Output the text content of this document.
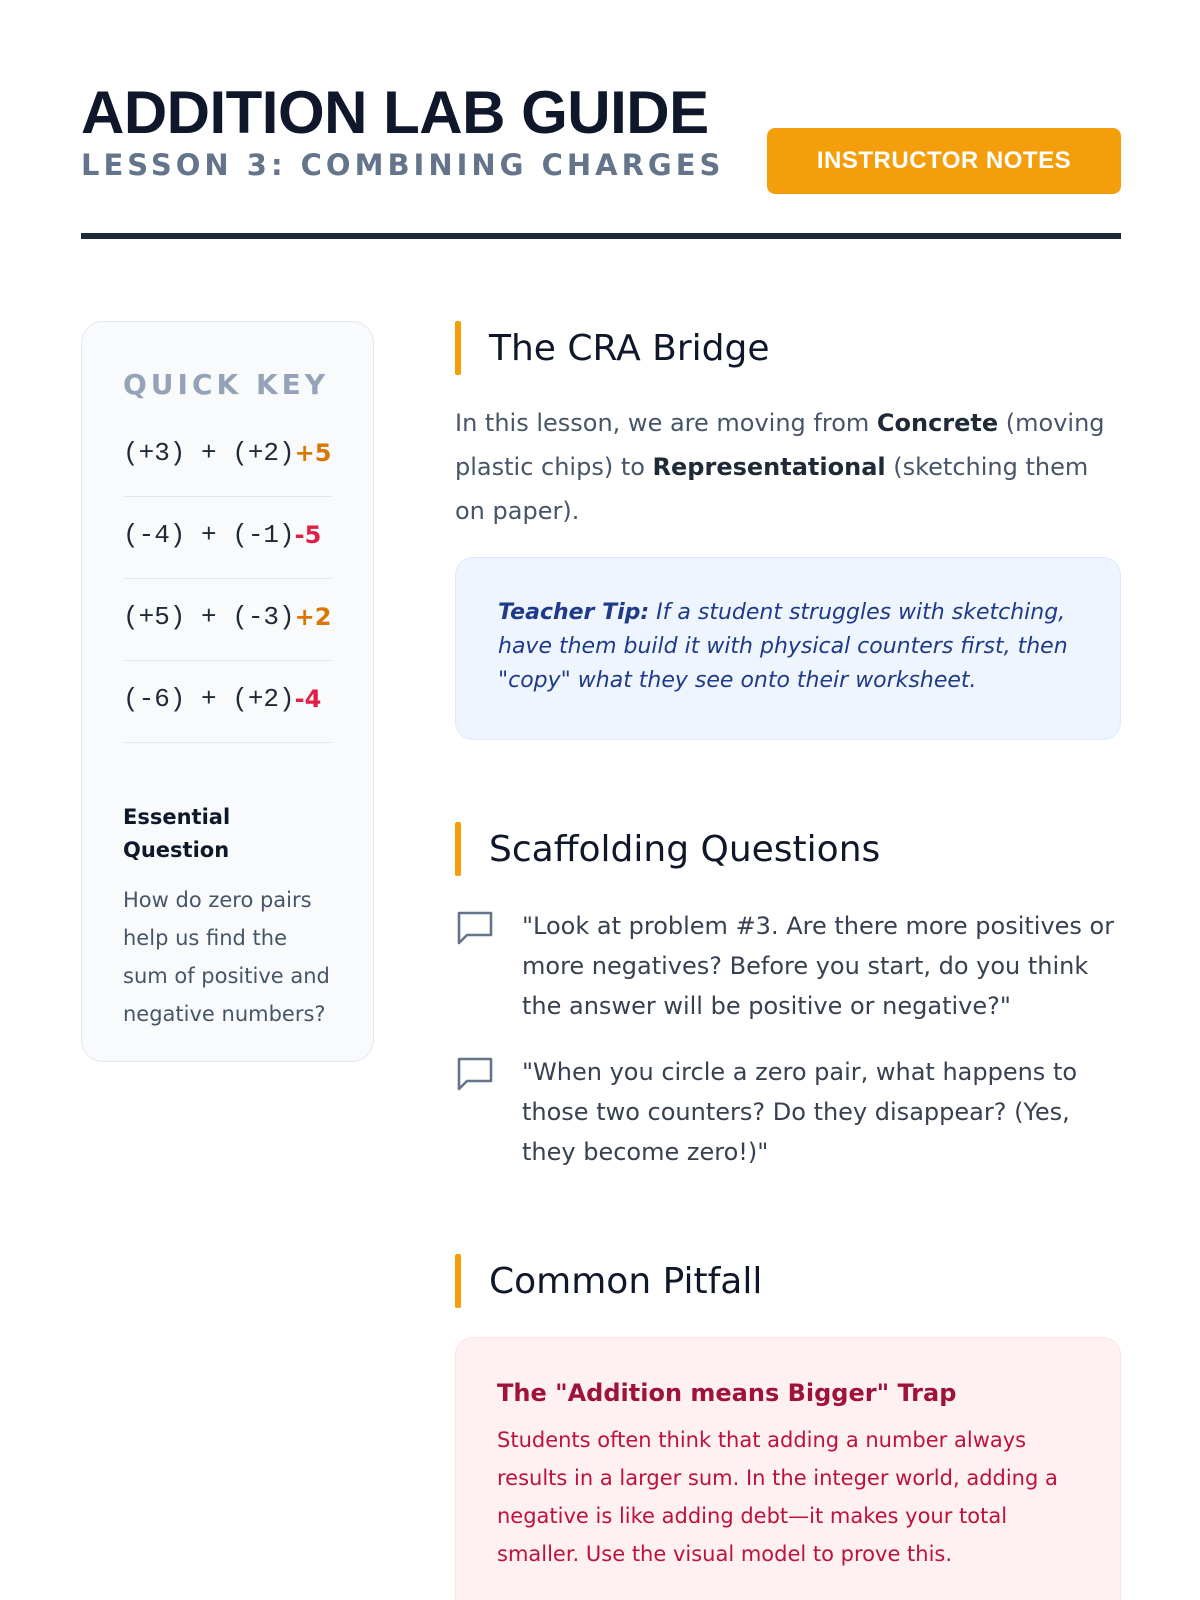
ADDITION LAB GUIDE
LESSON 3: COMBINING CHARGES	INSTRUCTOR NOTES
QUICK KEY
(+3) + (+2) +5
(-4) + (-1) -5
(+5) + (-3) +2
(-6) + (+2) -4
Essential Question
How do zero pairs help us find the sum of positive and negative numbers?
The CRA Bridge

In this lesson, we are moving from Concrete (moving plastic chips) to Representational (sketching them on paper).

Teacher Tip: If a student struggles with sketching, have them build it with physical counters first, then "copy" what they see onto their worksheet.
Scaffolding Questions
"Look at problem #3. Are there more positives or more negatives? Before you start, do you think the answer will be positive or negative?"
"When you circle a zero pair, what happens to those two counters? Do they disappear? (Yes, they become zero!)"
Common Pitfall
The "Addition means Bigger" Trap
Students often think that adding a number always results in a larger sum. In the integer world, adding a negative is like adding debt—it makes your total smaller. Use the visual model to prove this.
